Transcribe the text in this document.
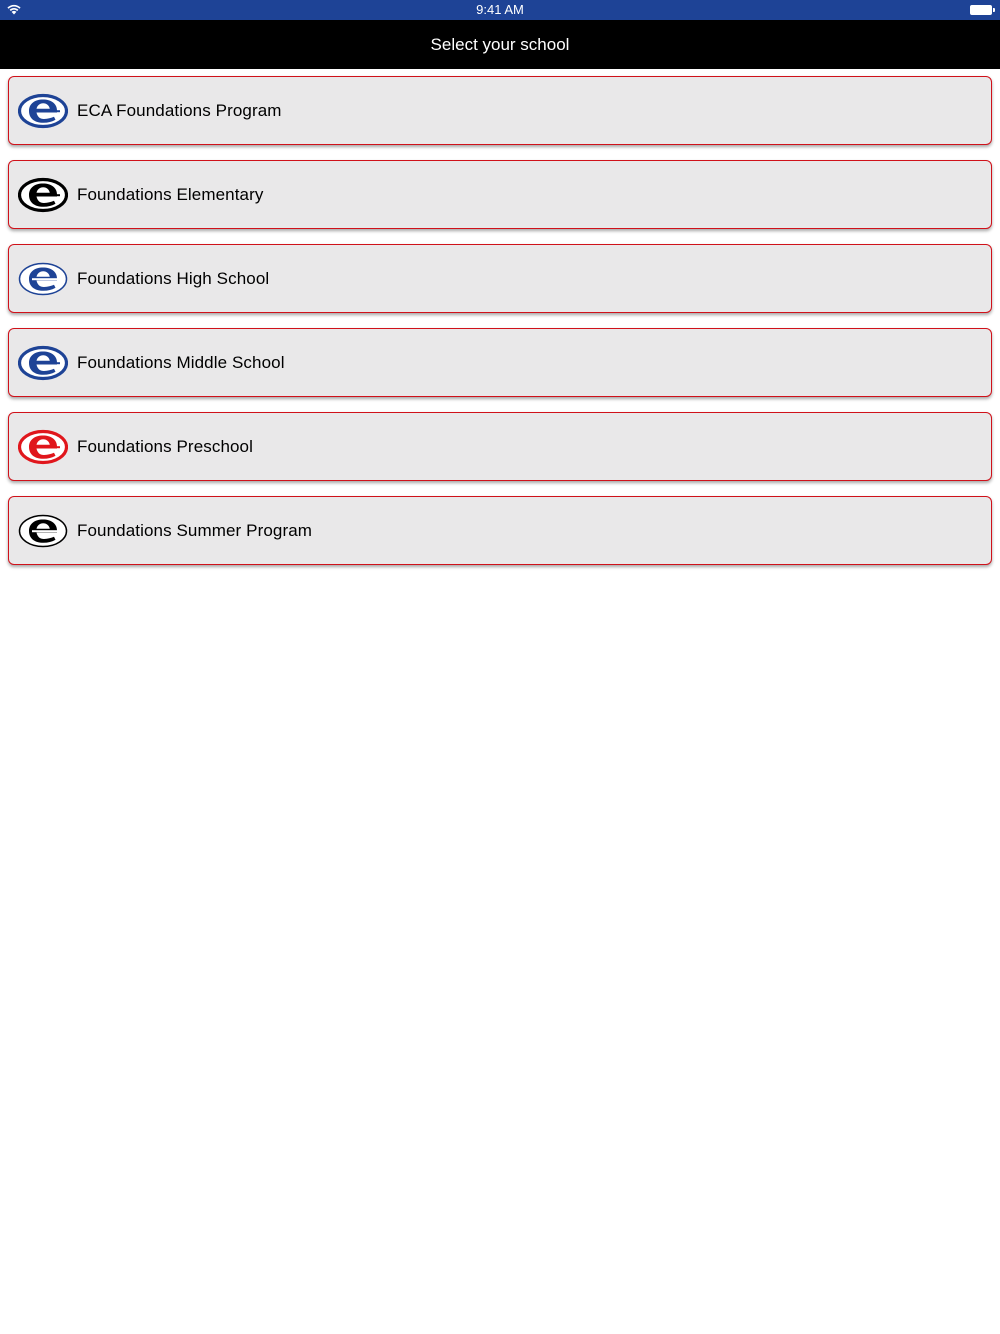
9:41 AM
Select your school
ECA Foundations Program
Foundations Elementary
Foundations High School
Foundations Middle School
Foundations Preschool
Foundations Summer Program
